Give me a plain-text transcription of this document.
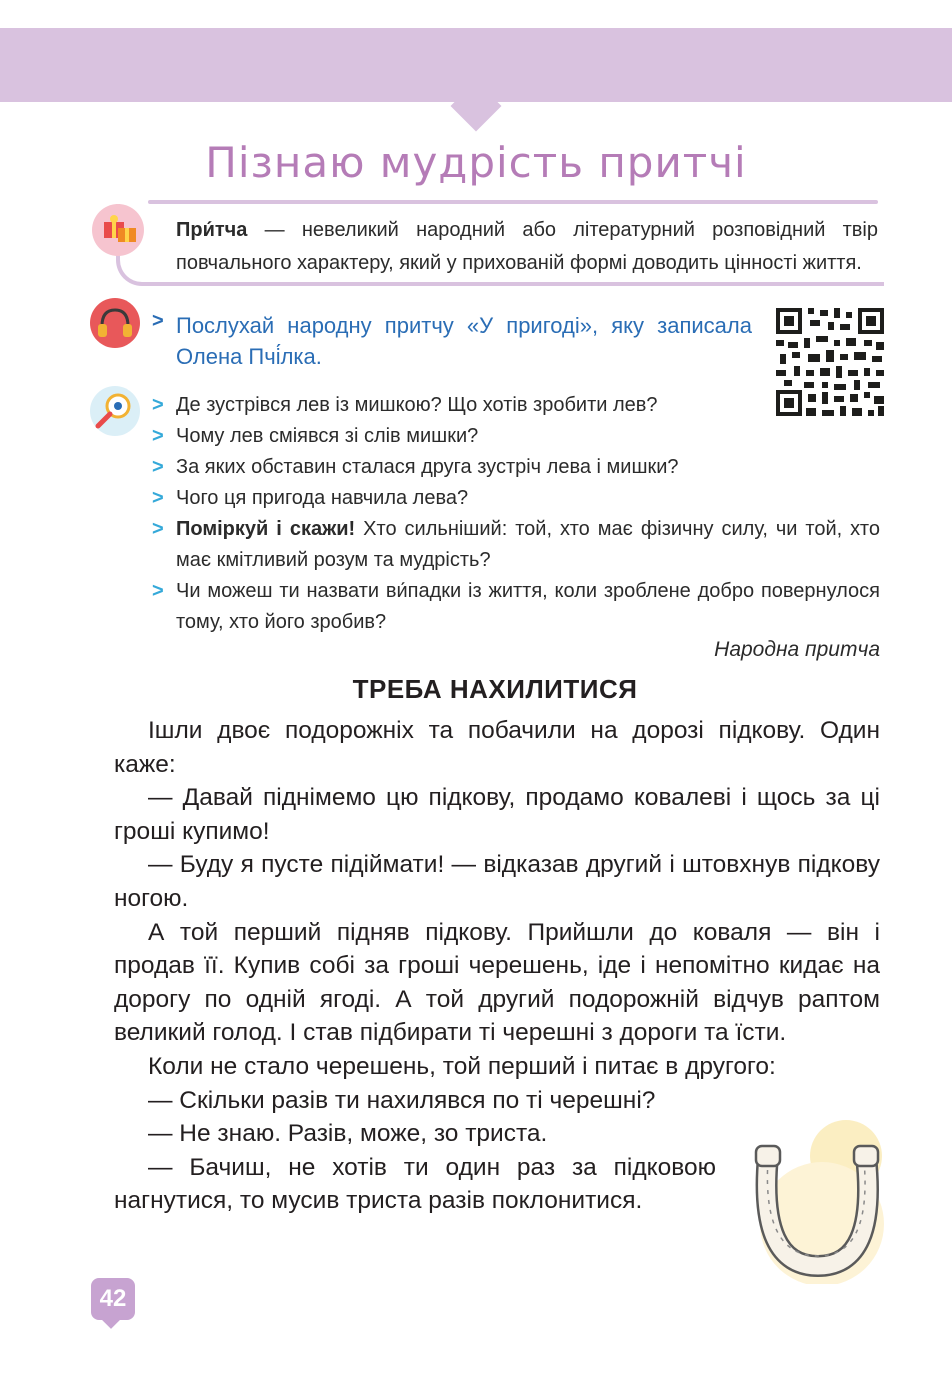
Пізнаю мудрість притчі
При́тча — невеликий народний або літературний розповідний твір повчального характеру, який у прихованій формі доводить цінності життя.
> Послухай народну притчу «У пригоді», яку записала Олена Пчі́лка.
> Де зустрівся лев із мишкою? Що хотів зробити лев?
> Чому лев сміявся зі слів мишки?
> За яких обставин сталася друга зустріч лева і мишки?
> Чого ця пригода навчила лева?
> Поміркуй і скажи! Хто сильніший: той, хто має фізичну силу, чи той, хто має кмітливий розум та мудрість?
> Чи можеш ти назвати ви́падки із життя, коли зроблене добро повернулося тому, хто його зробив?
Народна притча
ТРЕБА НАХИЛИТИСЯ

Ішли двоє подорожніх та побачили на дорозі підкову. Один каже:

— Давай піднімемо цю підкову, продамо ковалеві і щось за ці гроші купимо!

— Буду я пусте підіймати! — відказав другий і штовхнув підкову ногою.

А той перший підняв підкову. Прийшли до коваля — він і продав її. Купив собі за гроші черешень, іде і непомітно кидає на дорогу по одній ягоді. А той другий подорожній відчув раптом великий голод. І став підбирати ті черешні з дороги та їсти.

Коли не стало черешень, той перший і питає в другого:

— Скільки разів ти нахилявся по ті черешні?

— Не знаю. Разів, може, зо триста.

— Бачиш, не хотів ти один раз за підковою нагнутися, то мусив триста разів поклонитися.

42
